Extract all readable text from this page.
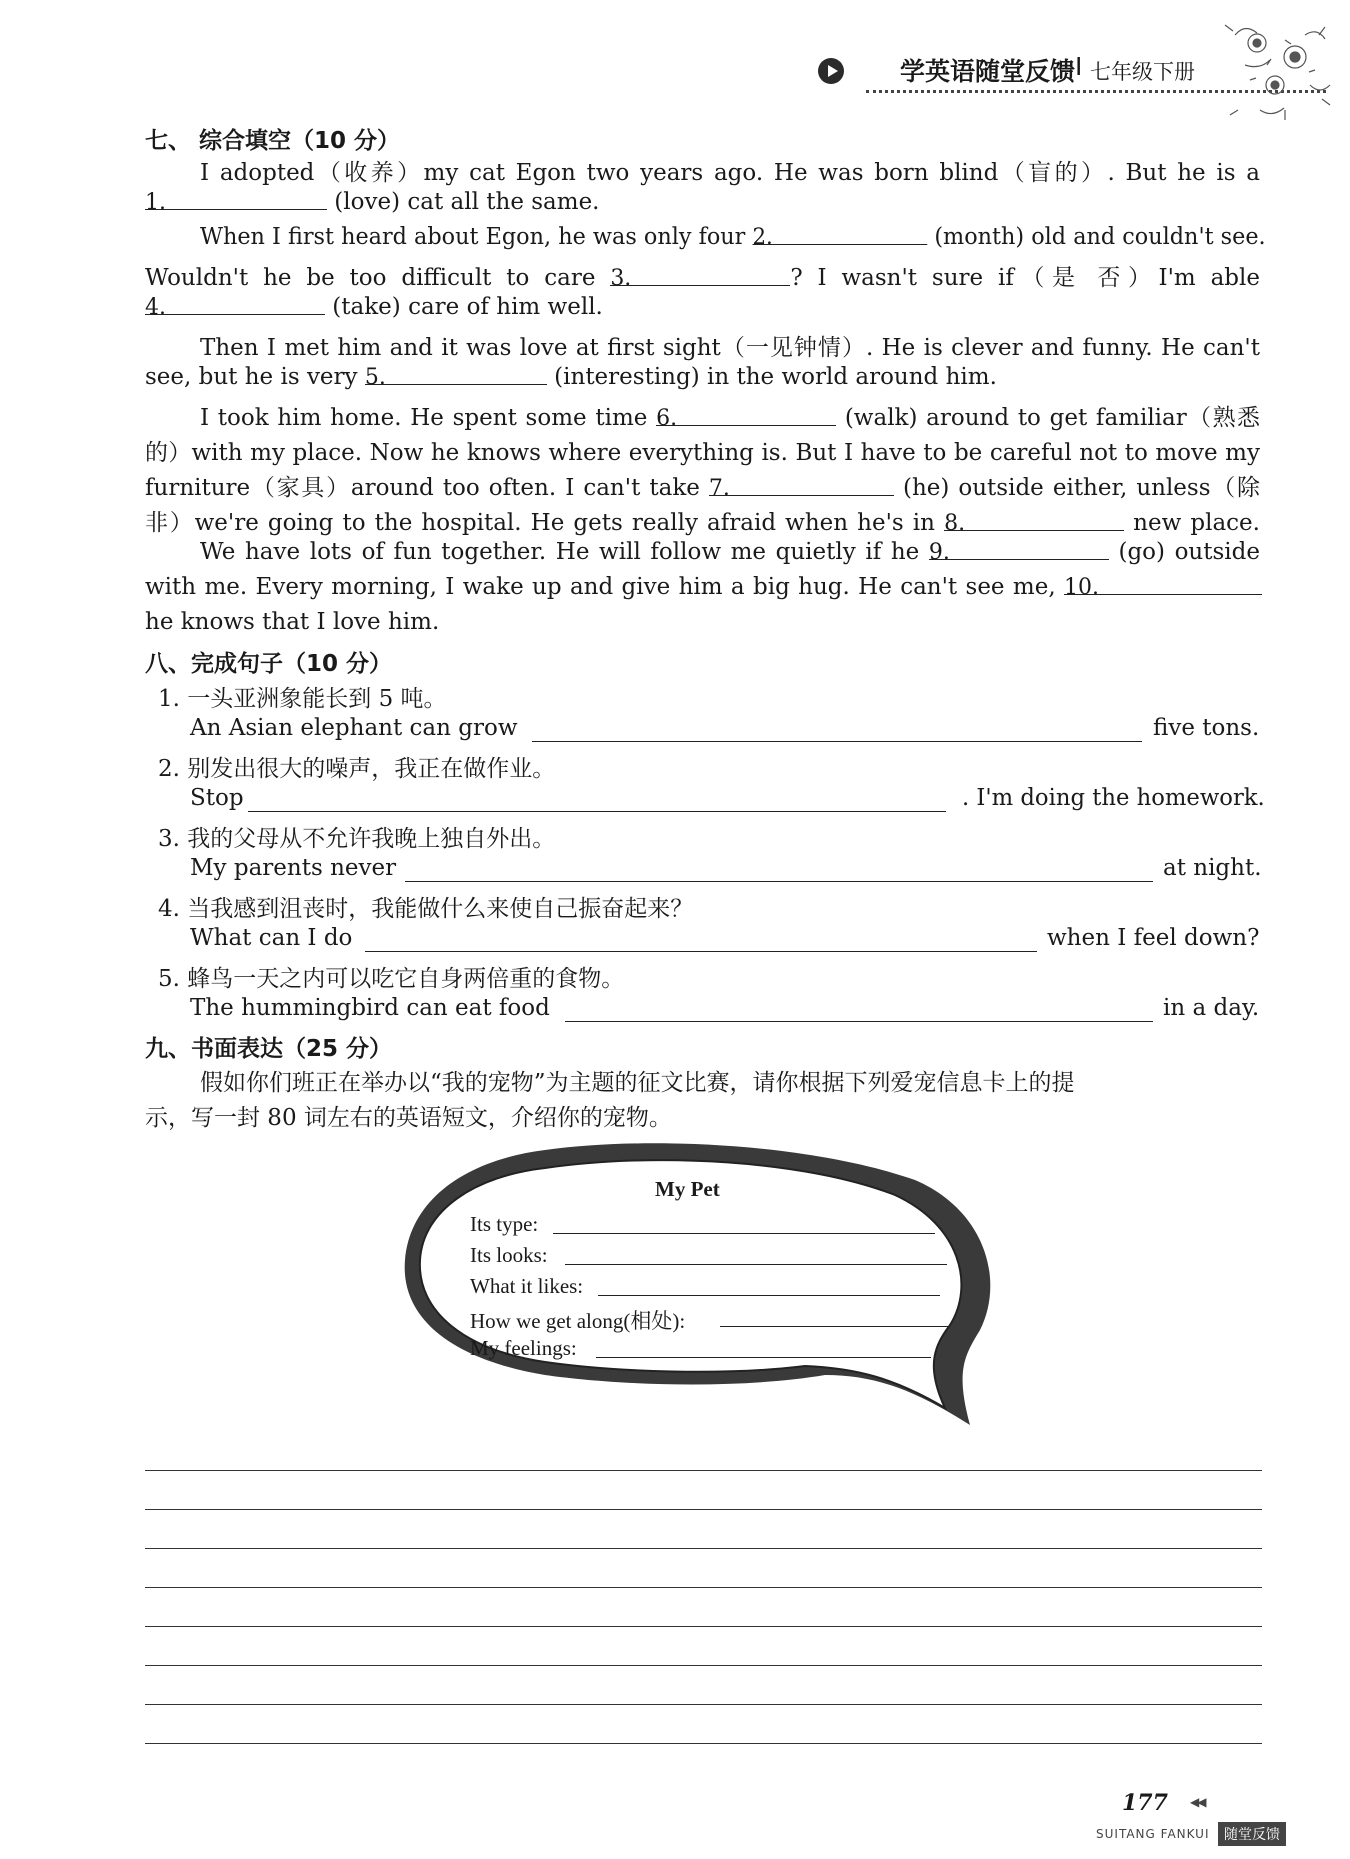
学英语随堂反馈 I 七年级下册
七、 综合填空（10 分）
I adopted（收养）my cat Egon two years ago. He was born blind（盲的）. But he is a
1.	(love) cat all the same.
When I first heard about Egon, he was only four 2.	(month) old and couldn't see.
Wouldn't he be too difficult to care 3.	? I wasn't sure if（是 否）I'm able
4.	(take) care of him well.
Then I met him and it was love at first sight（一见钟情）. He is clever and funny. He can't
see, but he is very 5.	(interesting) in the world around him.
I took him home. He spent some time 6.	(walk) around to get familiar（熟悉
的）with my place. Now he knows where everything is. But I have to be careful not to move my
furniture（家具）around too often. I can't take 7.	(he) outside either, unless（除
非）we're going to the hospital. He gets really afraid when he's in 8.	new place.
We have lots of fun together. He will follow me quietly if he 9.	(go) outside
with me. Every morning, I wake up and give him a big hug. He can't see me, 10.
he knows that I love him.
八、完成句子（10 分）
1. 一头亚洲象能长到 5 吨。
An Asian elephant can grow	five tons.
2. 别发出很大的噪声，我正在做作业。
Stop	. I'm doing the homework.
3. 我的父母从不允许我晚上独自外出。
My parents never	at night.
4. 当我感到沮丧时，我能做什么来使自己振奋起来？
What can I do	when I feel down?
5. 蜂鸟一天之内可以吃它自身两倍重的食物。
The hummingbird can eat food	in a day.
九、书面表达（25 分）
假如你们班正在举办以“我的宠物”为主题的征文比赛，请你根据下列爱宠信息卡上的提
示，写一封 80 词左右的英语短文，介绍你的宠物。
My Pet
Its type:
Its looks:
What it likes:
How we get along(相处):
My feelings:
177 ◀◀
SUITANG FANKUI	随堂反馈
